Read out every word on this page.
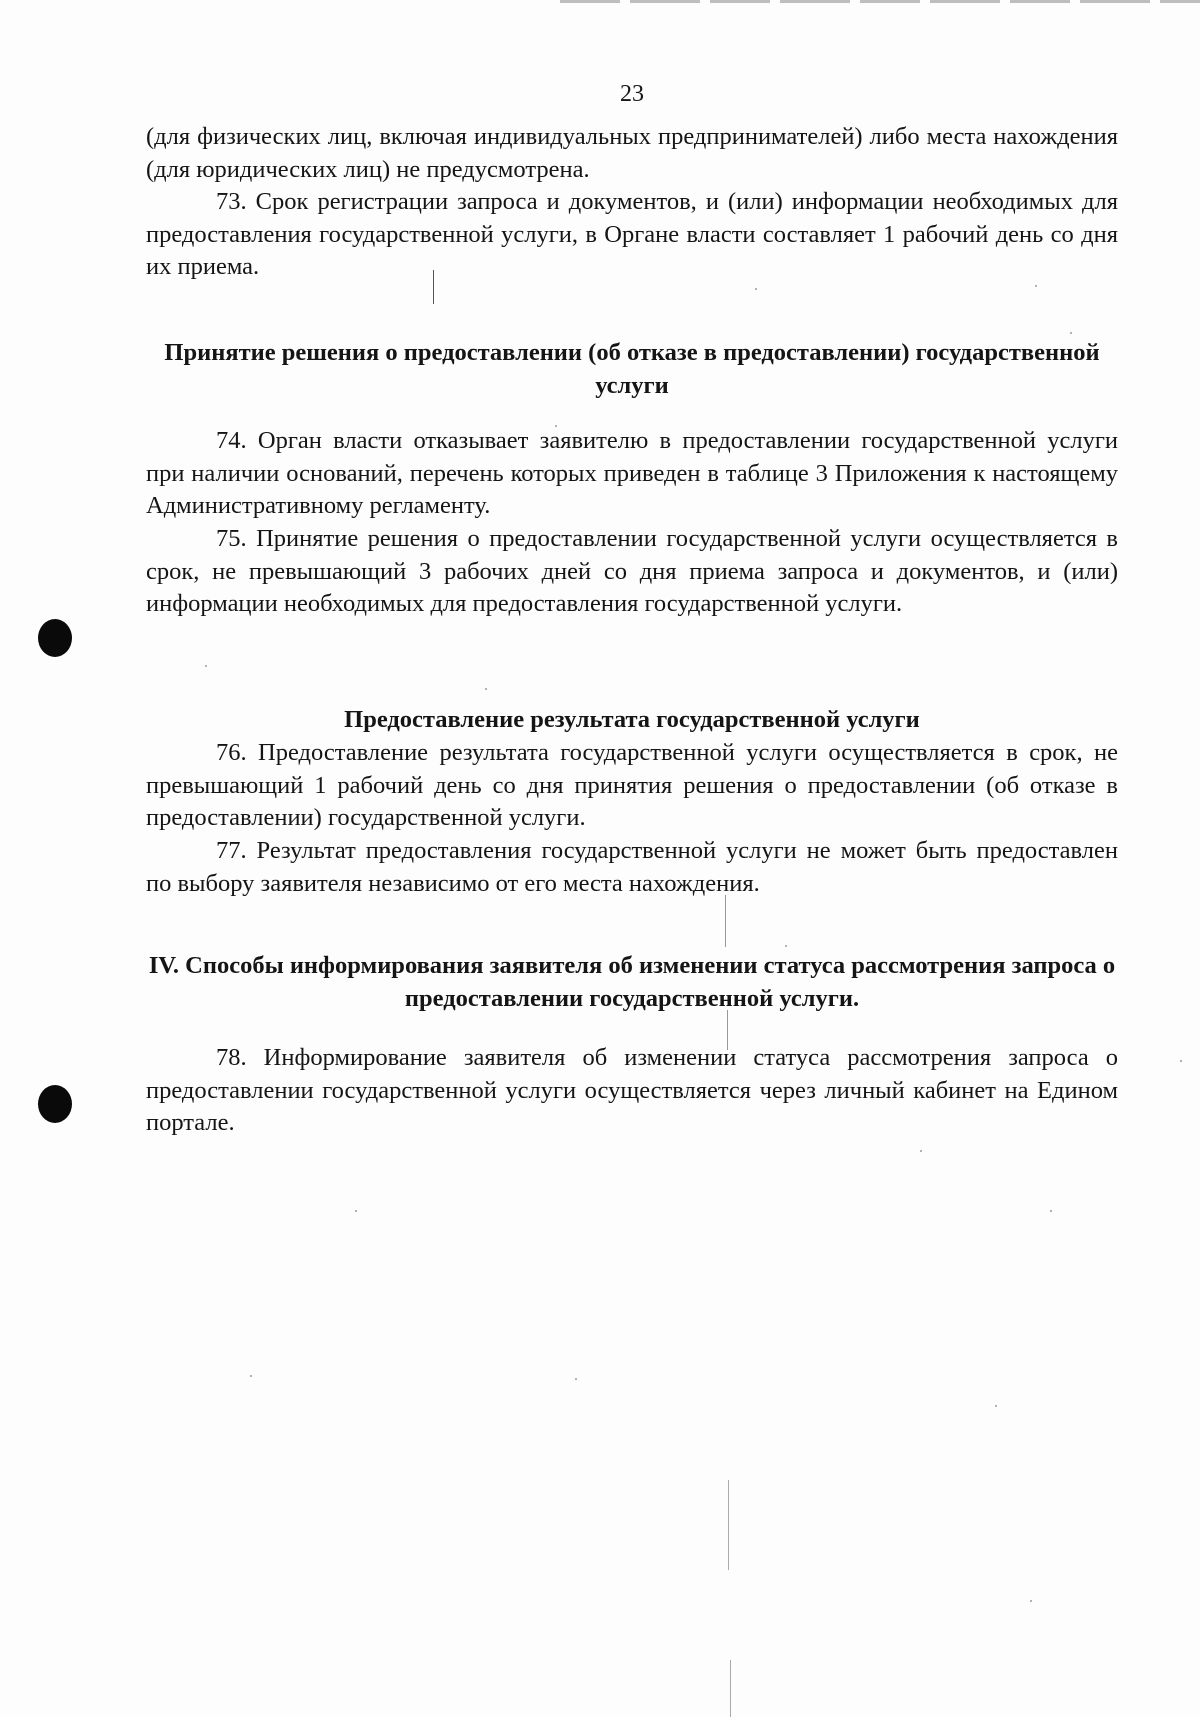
23

(для физических лиц, включая индивидуальных предпринимателей) либо места нахождения (для юридических лиц) не предусмотрена.

73. Срок регистрации запроса и документов, и (или) информации необходимых для предоставления государственной услуги, в Органе власти составляет 1 рабочий день со дня их приема.

Принятие решения о предоставлении (об отказе в предоставлении) государственной услуги

74. Орган власти отказывает заявителю в предоставлении государственной услуги при наличии оснований, перечень которых приведен в таблице 3 Приложения к настоящему Административному регламенту.

75. Принятие решения о предоставлении государственной услуги осуществляется в срок, не превышающий 3 рабочих дней со дня приема запроса и документов, и (или) информации необходимых для предоставления государственной услуги.

Предоставление результата государственной услуги

76. Предоставление результата государственной услуги осуществляется в срок, не превышающий 1 рабочий день со дня принятия решения о предоставлении (об отказе в предоставлении) государственной услуги.

77. Результат предоставления государственной услуги не может быть предоставлен по выбору заявителя независимо от его места нахождения.

IV. Способы информирования заявителя об изменении статуса рассмотрения запроса о предоставлении государственной услуги.

78. Информирование заявителя об изменении статуса рассмотрения запроса о предоставлении государственной услуги осуществляется через личный кабинет на Едином портале.
